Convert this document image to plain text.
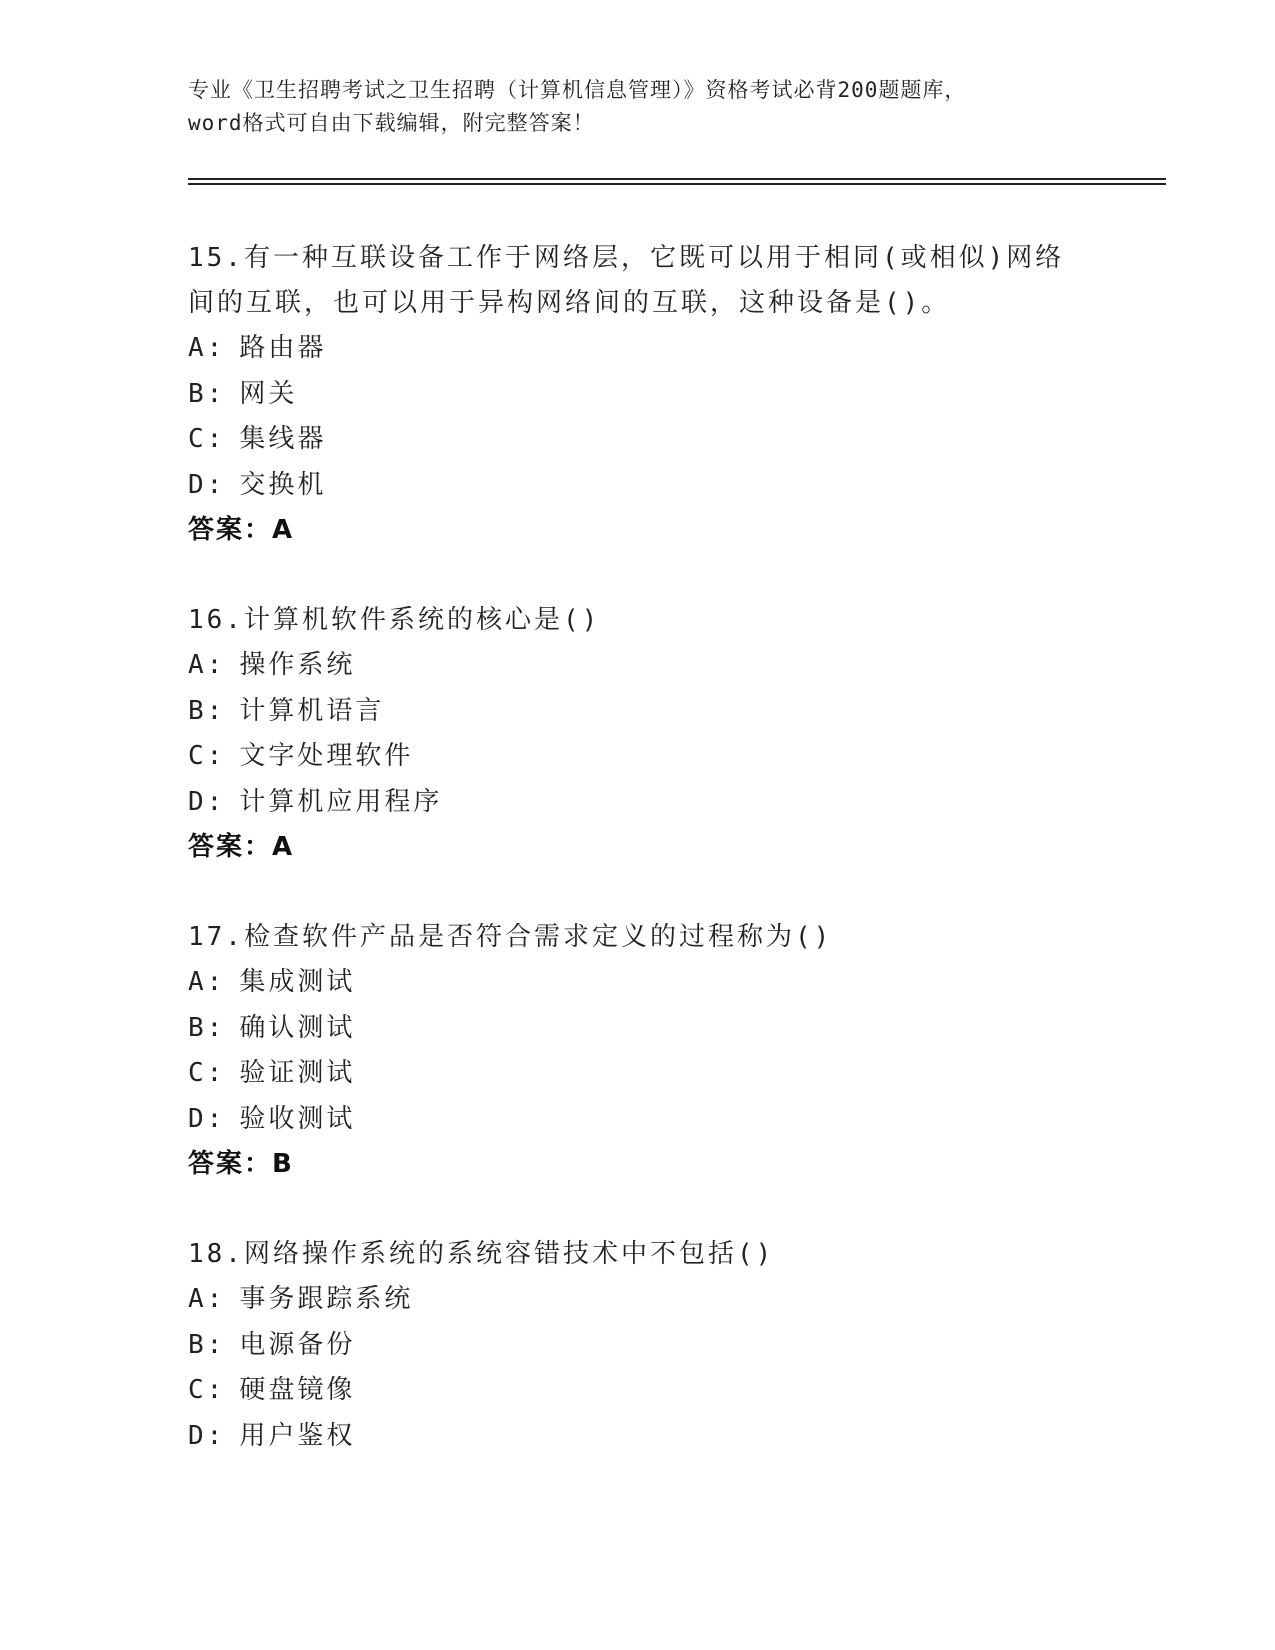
专业《卫生招聘考试之卫生招聘（计算机信息管理）》资格考试必背200题题库，
word格式可自由下载编辑，附完整答案！
15.有一种互联设备工作于网络层，它既可以用于相同(或相似)网络间的互联，也可以用于异构网络间的互联，这种设备是()。
A: 路由器
B: 网关
C: 集线器
D: 交换机
答案：A
16.计算机软件系统的核心是()
A: 操作系统
B: 计算机语言
C: 文字处理软件
D: 计算机应用程序
答案：A
17.检查软件产品是否符合需求定义的过程称为()
A: 集成测试
B: 确认测试
C: 验证测试
D: 验收测试
答案：B
18.网络操作系统的系统容错技术中不包括()
A: 事务跟踪系统
B: 电源备份
C: 硬盘镜像
D: 用户鉴权
